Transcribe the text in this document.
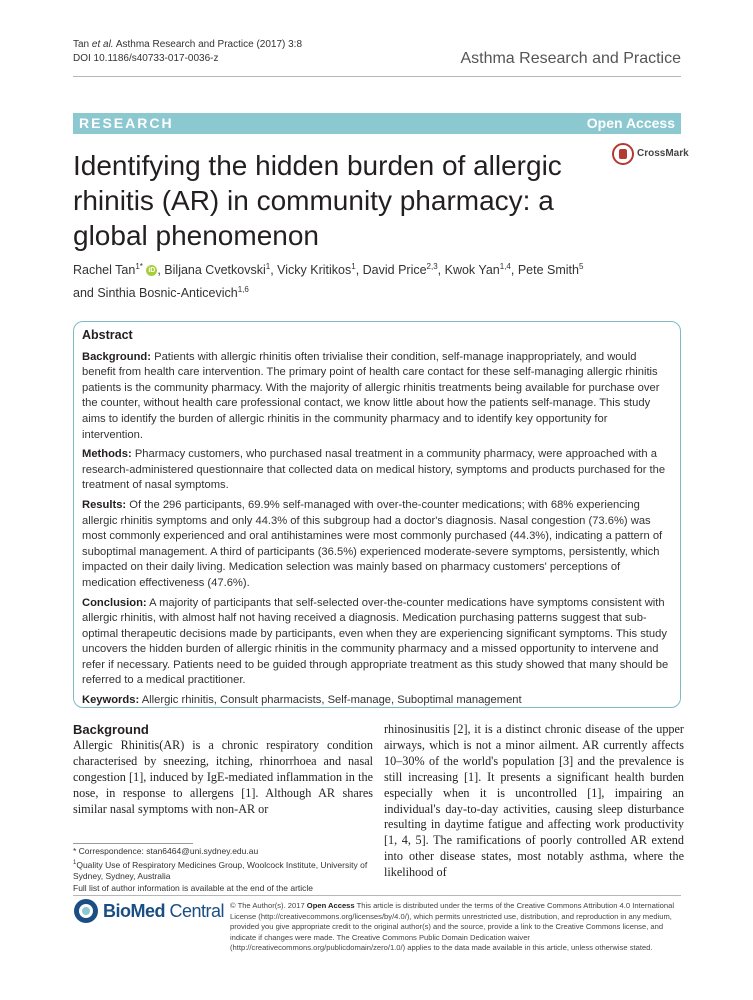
Tan et al. Asthma Research and Practice (2017) 3:8
DOI 10.1186/s40733-017-0036-z	Asthma Research and Practice
RESEARCH	Open Access
Identifying the hidden burden of allergic rhinitis (AR) in community pharmacy: a global phenomenon
CrossMark
Rachel Tan$^{1*}$ iD , Biljana Cvetkovski$^1$, Vicky Kritikos$^1$, David Price$^{2,3}$, Kwok Yan$^{1,4}$, Pete Smith$^5$
and Sinthia Bosnic-Anticevich$^{1,6}$
Abstract

Background: Patients with allergic rhinitis often trivialise their condition, self-manage inappropriately, and would benefit from health care intervention. The primary point of health care contact for these self-managing allergic rhinitis patients is the community pharmacy. With the majority of allergic rhinitis treatments being available for purchase over the counter, without health care professional contact, we know little about how the patients self-manage. This study aims to identify the burden of allergic rhinitis in the community pharmacy and to identify key opportunity for intervention.

Methods: Pharmacy customers, who purchased nasal treatment in a community pharmacy, were approached with a research-administered questionnaire that collected data on medical history, symptoms and products purchased for the treatment of nasal symptoms.

Results: Of the 296 participants, 69.9% self-managed with over-the-counter medications; with 68% experiencing allergic rhinitis symptoms and only 44.3% of this subgroup had a doctor's diagnosis. Nasal congestion (73.6%) was most commonly experienced and oral antihistamines were most commonly purchased (44.3%), indicating a pattern of suboptimal management. A third of participants (36.5%) experienced moderate-severe symptoms, persistently, which impacted on their daily living. Medication selection was mainly based on pharmacy customers' perceptions of medication effectiveness (47.6%).

Conclusion: A majority of participants that self-selected over-the-counter medications have symptoms consistent with allergic rhinitis, with almost half not having received a diagnosis. Medication purchasing patterns suggest that sub-optimal therapeutic decisions made by participants, even when they are experiencing significant symptoms. This study uncovers the hidden burden of allergic rhinitis in the community pharmacy and a missed opportunity to intervene and refer if necessary. Patients need to be guided through appropriate treatment as this study showed that many should be referred to a medical practitioner.

Keywords: Allergic rhinitis, Consult pharmacists, Self-manage, Suboptimal management

Background
Allergic Rhinitis(AR) is a chronic respiratory condition characterised by sneezing, itching, rhinorrhoea and nasal congestion [1], induced by IgE-mediated inflammation in the nose, in response to allergens [1]. Although AR shares similar nasal symptoms with non-AR or
rhinosinusitis [2], it is a distinct chronic disease of the upper airways, which is not a minor ailment. AR currently affects 10–30% of the world's population [3] and the prevalence is still increasing [1]. It presents a significant health burden especially when it is uncontrolled [1], impairing an individual's day-to-day activities, causing sleep disturbance resulting in daytime fatigue and affecting work productivity [1, 4, 5]. The ramifications of poorly controlled AR extend into other disease states, most notably asthma, where the likelihood of
* Correspondence: stan6464@uni.sydney.edu.au
$^1$Quality Use of Respiratory Medicines Group, Woolcock Institute, University of Sydney, Sydney, Australia
Full list of author information is available at the end of the article
BioMed Central © The Author(s). 2017 Open Access This article is distributed under the terms of the Creative Commons Attribution 4.0 International License (http://creativecommons.org/licenses/by/4.0/), which permits unrestricted use, distribution, and reproduction in any medium, provided you give appropriate credit to the original author(s) and the source, provide a link to the Creative Commons license, and indicate if changes were made. The Creative Commons Public Domain Dedication waiver (http://creativecommons.org/publicdomain/zero/1.0/) applies to the data made available in this article, unless otherwise stated.
